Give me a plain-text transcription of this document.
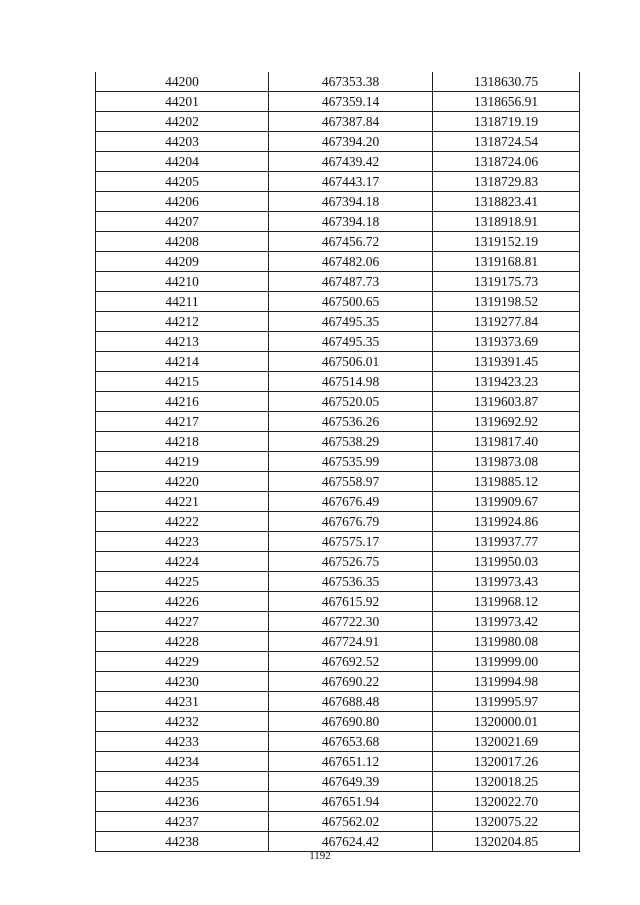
44200	467353.38	1318630.75
44201	467359.14	1318656.91
44202	467387.84	1318719.19
44203	467394.20	1318724.54
44204	467439.42	1318724.06
44205	467443.17	1318729.83
44206	467394.18	1318823.41
44207	467394.18	1318918.91
44208	467456.72	1319152.19
44209	467482.06	1319168.81
44210	467487.73	1319175.73
44211	467500.65	1319198.52
44212	467495.35	1319277.84
44213	467495.35	1319373.69
44214	467506.01	1319391.45
44215	467514.98	1319423.23
44216	467520.05	1319603.87
44217	467536.26	1319692.92
44218	467538.29	1319817.40
44219	467535.99	1319873.08
44220	467558.97	1319885.12
44221	467676.49	1319909.67
44222	467676.79	1319924.86
44223	467575.17	1319937.77
44224	467526.75	1319950.03
44225	467536.35	1319973.43
44226	467615.92	1319968.12
44227	467722.30	1319973.42
44228	467724.91	1319980.08
44229	467692.52	1319999.00
44230	467690.22	1319994.98
44231	467688.48	1319995.97
44232	467690.80	1320000.01
44233	467653.68	1320021.69
44234	467651.12	1320017.26
44235	467649.39	1320018.25
44236	467651.94	1320022.70
44237	467562.02	1320075.22
44238	467624.42	1320204.85
1192
